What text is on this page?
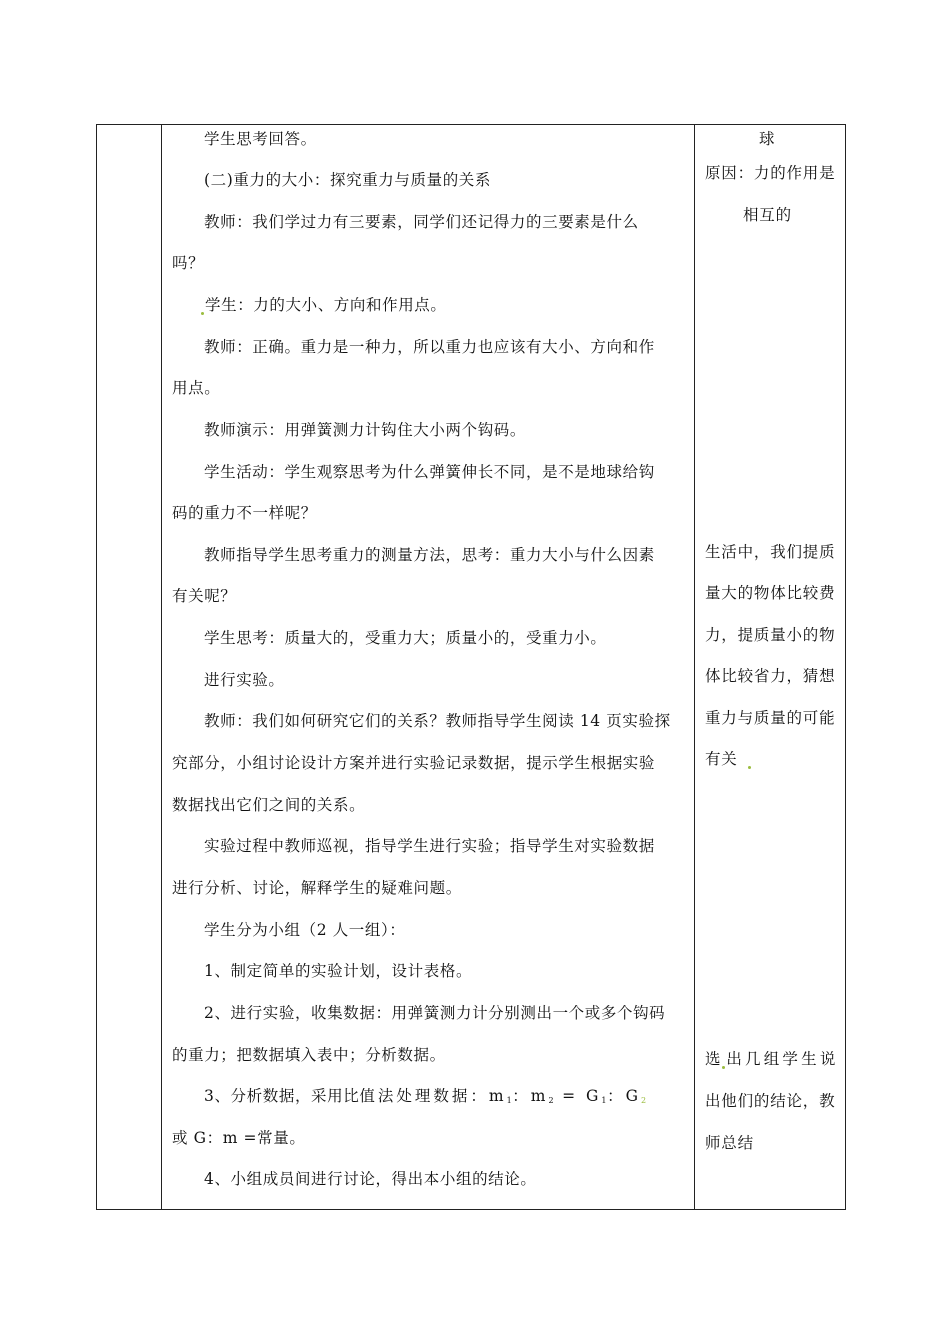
学生思考回答。
(二)重力的大小：探究重力与质量的关系
教师：我们学过力有三要素，同学们还记得力的三要素是什么
吗？
学生：力的大小、方向和作用点。
教师：正确。重力是一种力，所以重力也应该有大小、方向和作
用点。
教师演示：用弹簧测力计钩住大小两个钩码。
学生活动：学生观察思考为什么弹簧伸长不同，是不是地球给钩
码的重力不一样呢？
教师指导学生思考重力的测量方法，思考：重力大小与什么因素
有关呢？
学生思考：质量大的，受重力大；质量小的，受重力小。
进行实验。
教师：我们如何研究它们的关系？教师指导学生阅读 14 页实验探
究部分，小组讨论设计方案并进行实验记录数据，提示学生根据实验
数据找出它们之间的关系。
实验过程中教师巡视，指导学生进行实验；指导学生对实验数据
进行分析、讨论，解释学生的疑难问题。
学生分为小组（2 人一组）：
1、制定简单的实验计划，设计表格。
2、进行实验，收集数据：用弹簧测力计分别测出一个或多个钩码
的重力；把数据填入表中；分析数据。
3、分析数据，采用比值法处理数据：$m_1$：$m_2 = G_1$：$G_2$
或 G：m =常量。
4、小组成员间进行讨论，得出本小组的结论。
球
原因：力的作用是
相互的
生活中，我们提质
量大的物体比较费
力，提质量小的物
体比较省力，猜想
重力与质量的可能
有关
选 出几组学生说
出他们的结论，教
师总结
